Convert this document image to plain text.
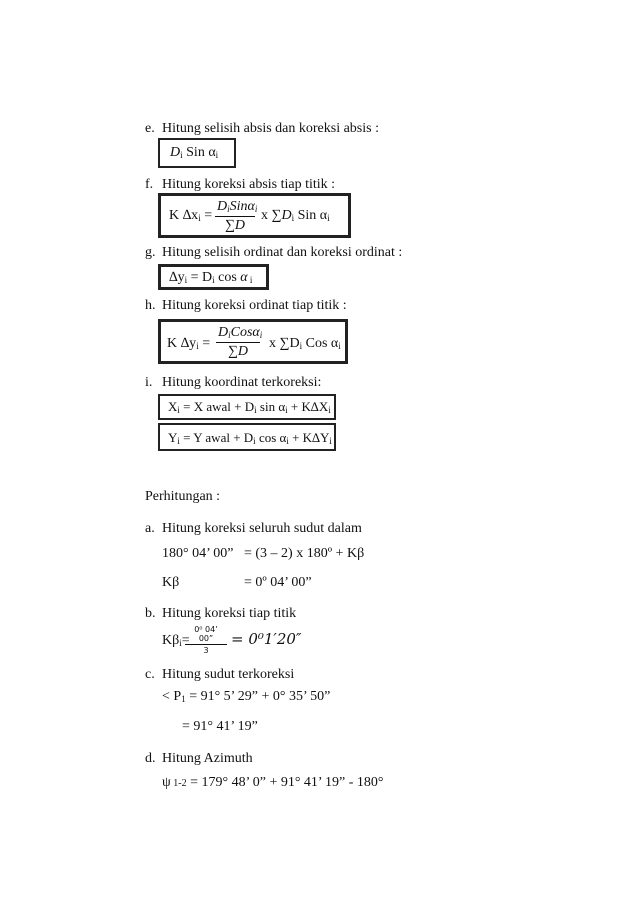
e. Hitung selisih absis dan koreksi absis :
$D_i$ Sin $\alpha_i$
f. Hitung koreksi absis tiap titik :
K $\Delta x_i$ =
$D_iSin\alpha_i$
∑D
x $\sum D_i$ Sin $\alpha_i$
g. Hitung selisih ordinat dan koreksi ordinat :
$\Delta y_i = D_i$ cos α $_i$
h. Hitung koreksi ordinat tiap titik :
K $\Delta y_i$ =
$D_iCos\alpha_i$
∑D
x $\sum D_i$ Cos $\alpha_i$
i. Hitung koordinat terkoreksi:
$X_i = X$ awal + $D_i$ $\sin \alpha_i + K\Delta X_i$
$Y_i = Y$ awal + $D_i$ $\cos \alpha_i + K\Delta Y_i$
Perhitungan :
a. Hitung koreksi seluruh sudut dalam
180° 04’ 00” = (3 – 2) x 180º + Kβ
Kβ	= 0º 04’ 00”
b. Hitung koreksi tiap titik
$K\beta_i=$
0⁰ 04’ 00”
3
= 0⁰1′20″
c. Hitung sudut terkoreksi
< $P_1 = 91^\circ$ 5’ 29” + 0° 35’ 50”
= 91° 41’ 19”
d. Hitung Azimuth
ψ 1-2 = 179° 48’ 0” + 91° 41’ 19” - 180°
